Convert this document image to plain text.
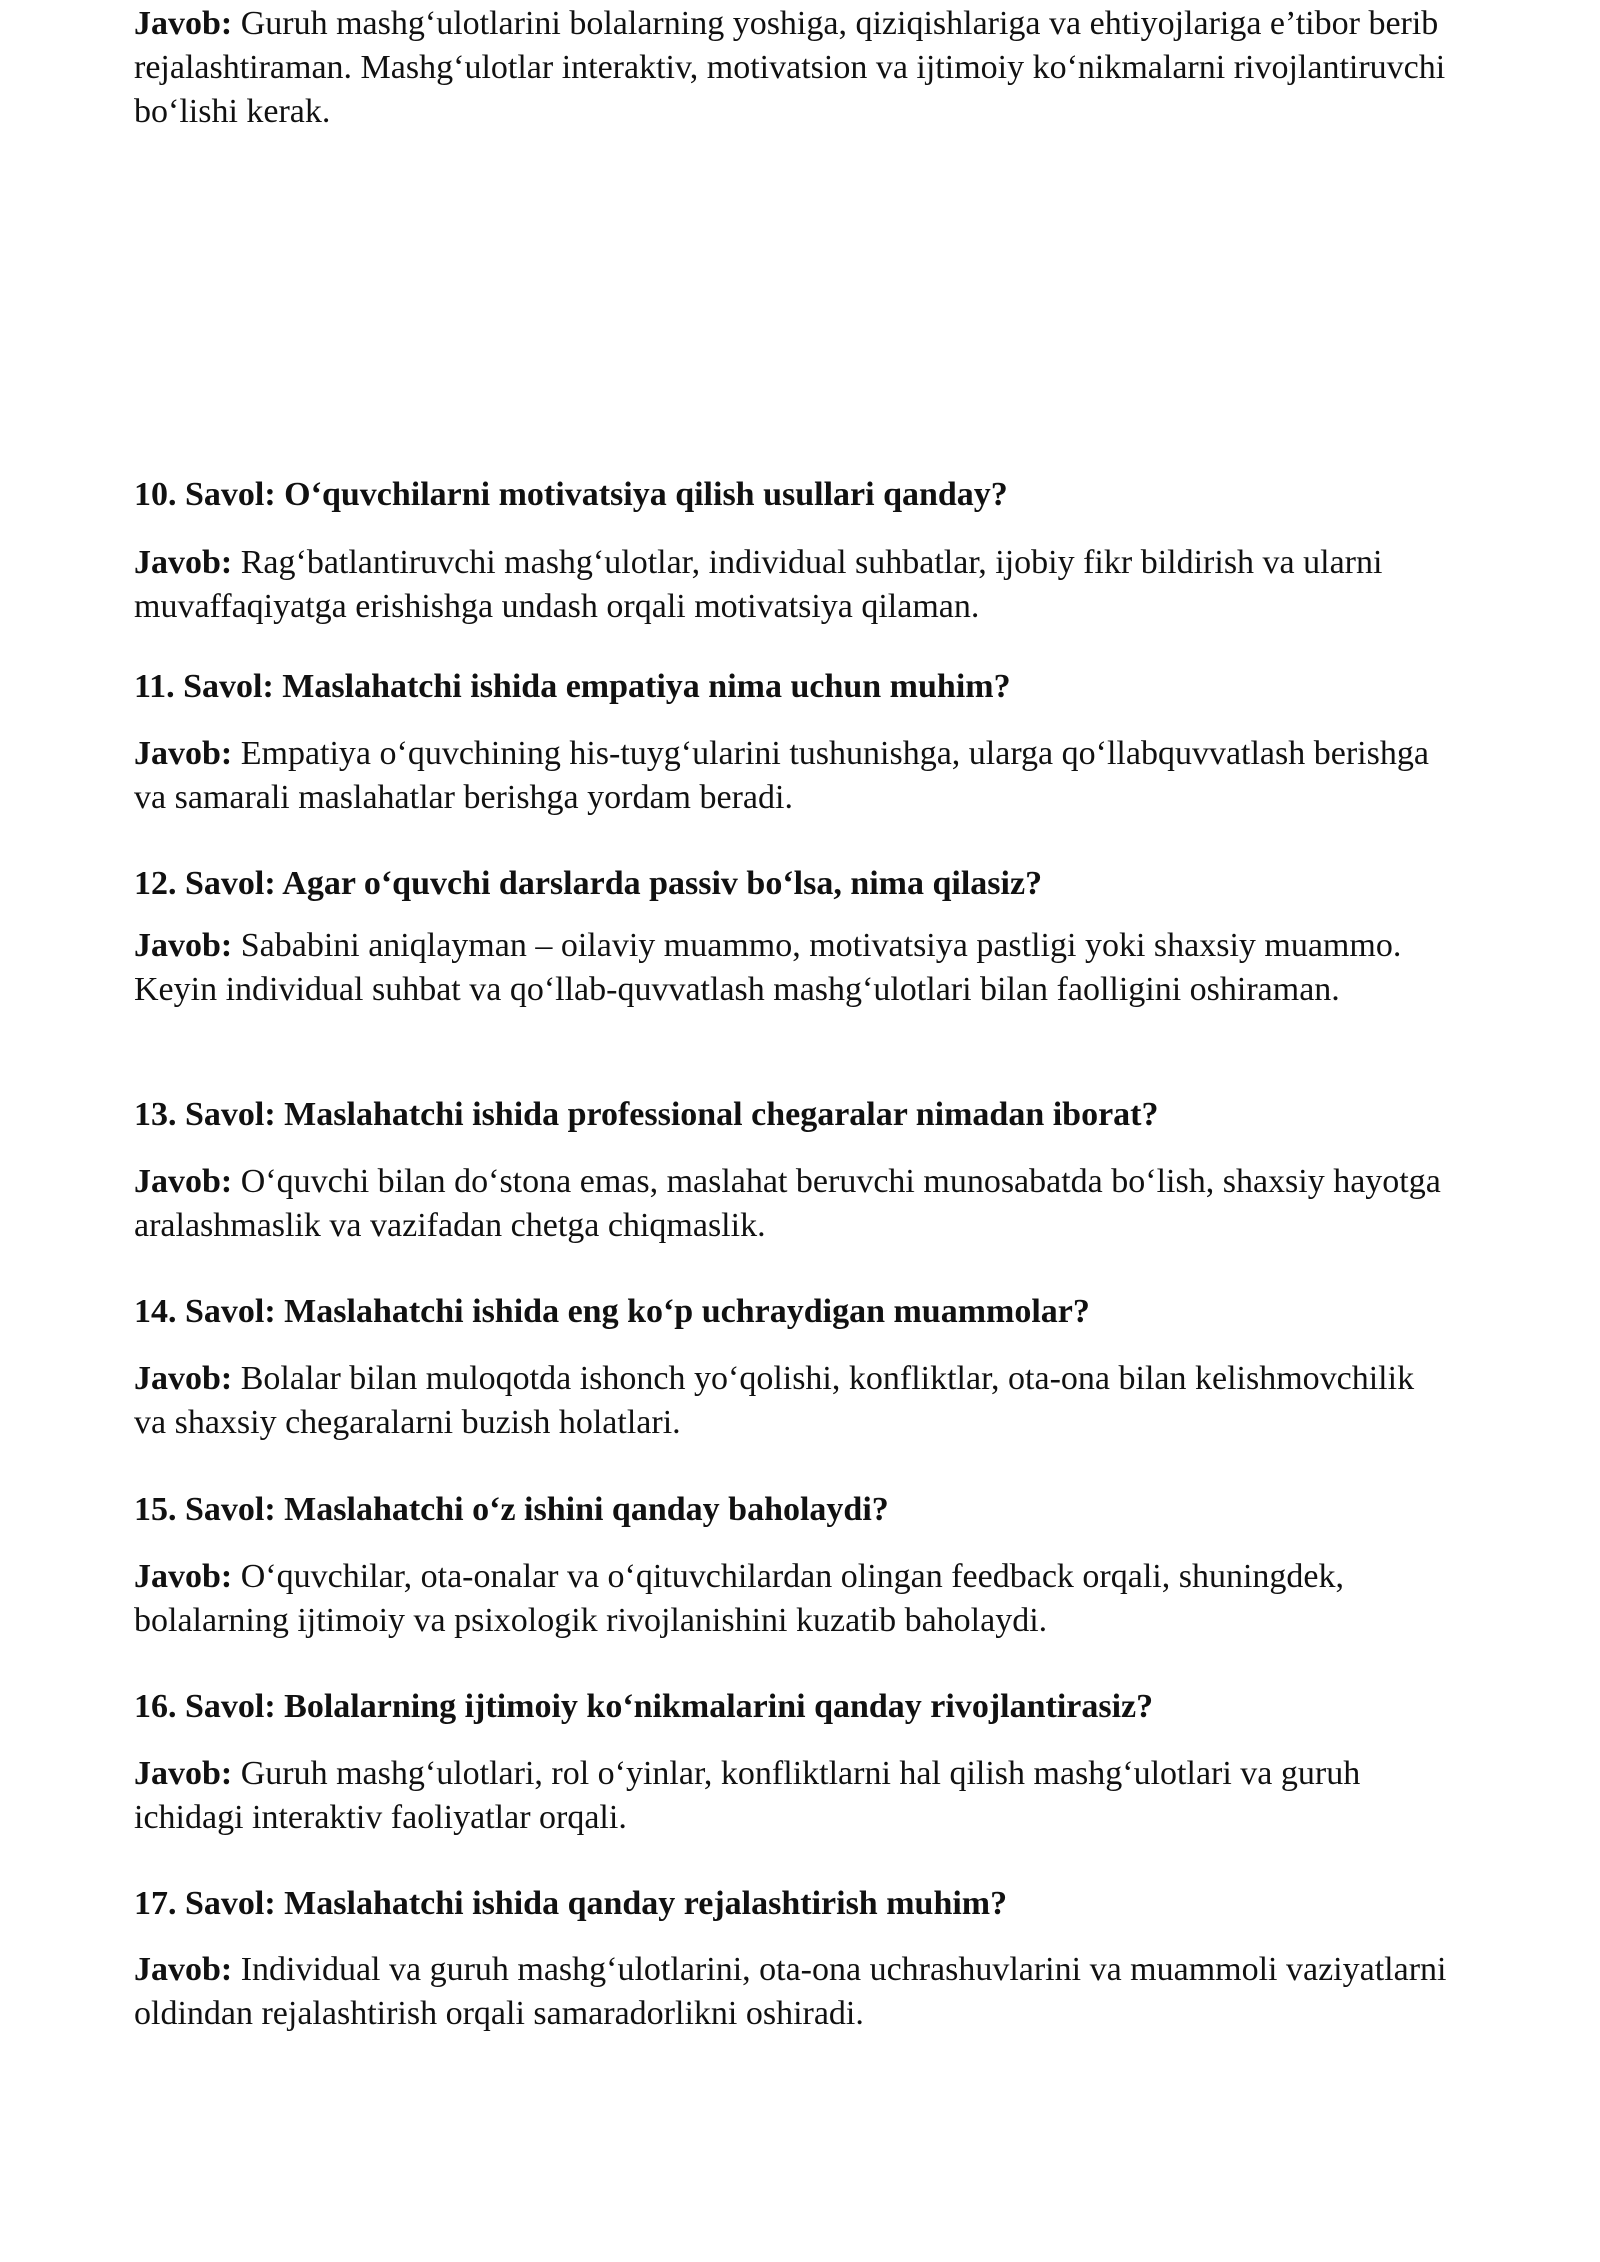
Javob: Guruh mashg‘ulotlarini bolalarning yoshiga, qiziqishlariga va ehtiyojlariga e’tibor berib rejalashtiraman. Mashg‘ulotlar interaktiv, motivatsion va ijtimoiy ko‘nikmalarni rivojlantiruvchi bo‘lishi kerak.

10. Savol: O‘quvchilarni motivatsiya qilish usullari qanday?

Javob: Rag‘batlantiruvchi mashg‘ulotlar, individual suhbatlar, ijobiy fikr bildirish va ularni muvaffaqiyatga erishishga undash orqali motivatsiya qilaman.

11. Savol: Maslahatchi ishida empatiya nima uchun muhim?

Javob: Empatiya o‘quvchining his-tuyg‘ularini tushunishga, ularga qo‘llabquvvatlash berishga va samarali maslahatlar berishga yordam beradi.

12. Savol: Agar o‘quvchi darslarda passiv bo‘lsa, nima qilasiz?

Javob: Sababini aniqlayman – oilaviy muammo, motivatsiya pastligi yoki shaxsiy muammo. Keyin individual suhbat va qo‘llab-quvvatlash mashg‘ulotlari bilan faolligini oshiraman.

13. Savol: Maslahatchi ishida professional chegaralar nimadan iborat?

Javob: O‘quvchi bilan do‘stona emas, maslahat beruvchi munosabatda bo‘lish, shaxsiy hayotga aralashmaslik va vazifadan chetga chiqmaslik.

14. Savol: Maslahatchi ishida eng ko‘p uchraydigan muammolar?

Javob: Bolalar bilan muloqotda ishonch yo‘qolishi, konfliktlar, ota-ona bilan kelishmovchilik va shaxsiy chegaralarni buzish holatlari.

15. Savol: Maslahatchi o‘z ishini qanday baholaydi?

Javob: O‘quvchilar, ota-onalar va o‘qituvchilardan olingan feedback orqali, shuningdek, bolalarning ijtimoiy va psixologik rivojlanishini kuzatib baholaydi.

16. Savol: Bolalarning ijtimoiy ko‘nikmalarini qanday rivojlantirasiz?

Javob: Guruh mashg‘ulotlari, rol o‘yinlar, konfliktlarni hal qilish mashg‘ulotlari va guruh ichidagi interaktiv faoliyatlar orqali.

17. Savol: Maslahatchi ishida qanday rejalashtirish muhim?

Javob: Individual va guruh mashg‘ulotlarini, ota-ona uchrashuvlarini va muammoli vaziyatlarni oldindan rejalashtirish orqali samaradorlikni oshiradi.
